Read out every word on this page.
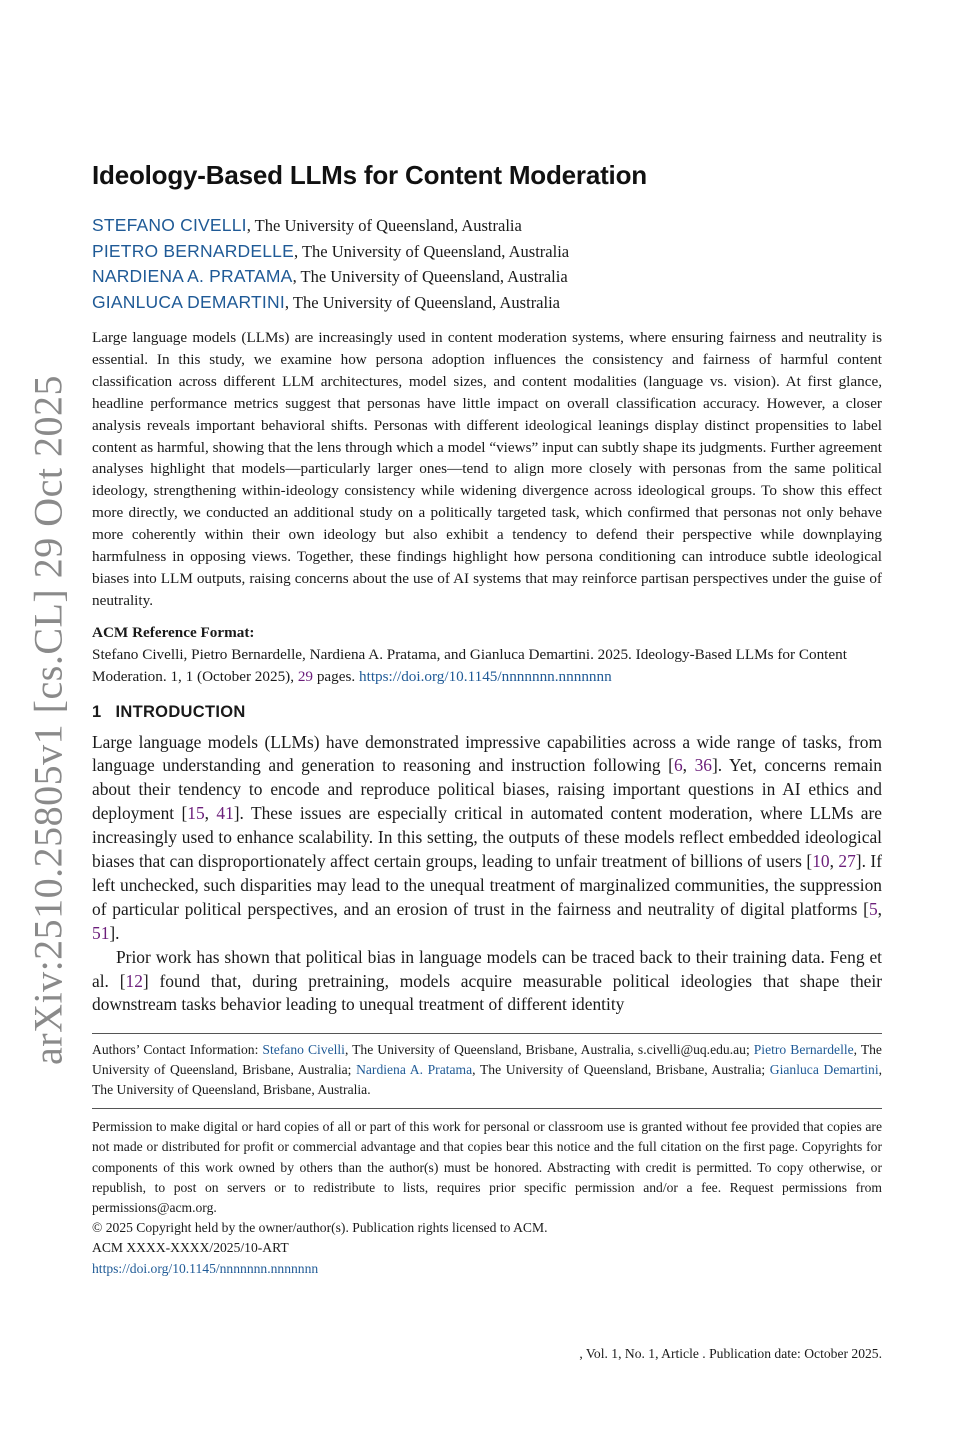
arXiv:2510.25805v1 [cs.CL] 29 Oct 2025
Ideology-Based LLMs for Content Moderation
STEFANO CIVELLI, The University of Queensland, Australia
PIETRO BERNARDELLE, The University of Queensland, Australia
NARDIENA A. PRATAMA, The University of Queensland, Australia
GIANLUCA DEMARTINI, The University of Queensland, Australia
Large language models (LLMs) are increasingly used in content moderation systems, where ensuring fairness and neutrality is essential. In this study, we examine how persona adoption influences the consistency and fairness of harmful content classification across different LLM architectures, model sizes, and content modalities (language vs. vision). At first glance, headline performance metrics suggest that personas have little impact on overall classification accuracy. However, a closer analysis reveals important behavioral shifts. Personas with different ideological leanings display distinct propensities to label content as harmful, showing that the lens through which a model “views” input can subtly shape its judgments. Further agreement analyses highlight that models—particularly larger ones—tend to align more closely with personas from the same political ideology, strengthening within-ideology consistency while widening divergence across ideological groups. To show this effect more directly, we conducted an additional study on a politically targeted task, which confirmed that personas not only behave more coherently within their own ideology but also exhibit a tendency to defend their perspective while downplaying harmfulness in opposing views. Together, these findings highlight how persona conditioning can introduce subtle ideological biases into LLM outputs, raising concerns about the use of AI systems that may reinforce partisan perspectives under the guise of neutrality.
ACM Reference Format:
Stefano Civelli, Pietro Bernardelle, Nardiena A. Pratama, and Gianluca Demartini. 2025. Ideology-Based LLMs for Content Moderation. 1, 1 (October 2025), 29 pages. https://doi.org/10.1145/nnnnnnn.nnnnnnn
1 INTRODUCTION

Large language models (LLMs) have demonstrated impressive capabilities across a wide range of tasks, from language understanding and generation to reasoning and instruction following [6, 36]. Yet, concerns remain about their tendency to encode and reproduce political biases, raising important questions in AI ethics and deployment [15, 41]. These issues are especially critical in automated content moderation, where LLMs are increasingly used to enhance scalability. In this setting, the outputs of these models reflect embedded ideological biases that can disproportionately affect certain groups, leading to unfair treatment of billions of users [10, 27]. If left unchecked, such disparities may lead to the unequal treatment of marginalized communities, the suppression of particular political perspectives, and an erosion of trust in the fairness and neutrality of digital platforms [5, 51].

Prior work has shown that political bias in language models can be traced back to their training data. Feng et al. [12] found that, during pretraining, models acquire measurable political ideologies that shape their downstream tasks behavior leading to unequal treatment of different identity

Authors’ Contact Information: Stefano Civelli, The University of Queensland, Brisbane, Australia, s.civelli@uq.edu.au; Pietro Bernardelle, The University of Queensland, Brisbane, Australia; Nardiena A. Pratama, The University of Queensland, Brisbane, Australia; Gianluca Demartini, The University of Queensland, Brisbane, Australia.

Permission to make digital or hard copies of all or part of this work for personal or classroom use is granted without fee provided that copies are not made or distributed for profit or commercial advantage and that copies bear this notice and the full citation on the first page. Copyrights for components of this work owned by others than the author(s) must be honored. Abstracting with credit is permitted. To copy otherwise, or republish, to post on servers or to redistribute to lists, requires prior specific permission and/or a fee. Request permissions from permissions@acm.org.

© 2025 Copyright held by the owner/author(s). Publication rights licensed to ACM.

ACM XXXX-XXXX/2025/10-ART

https://doi.org/10.1145/nnnnnnn.nnnnnnn

, Vol. 1, No. 1, Article . Publication date: October 2025.
